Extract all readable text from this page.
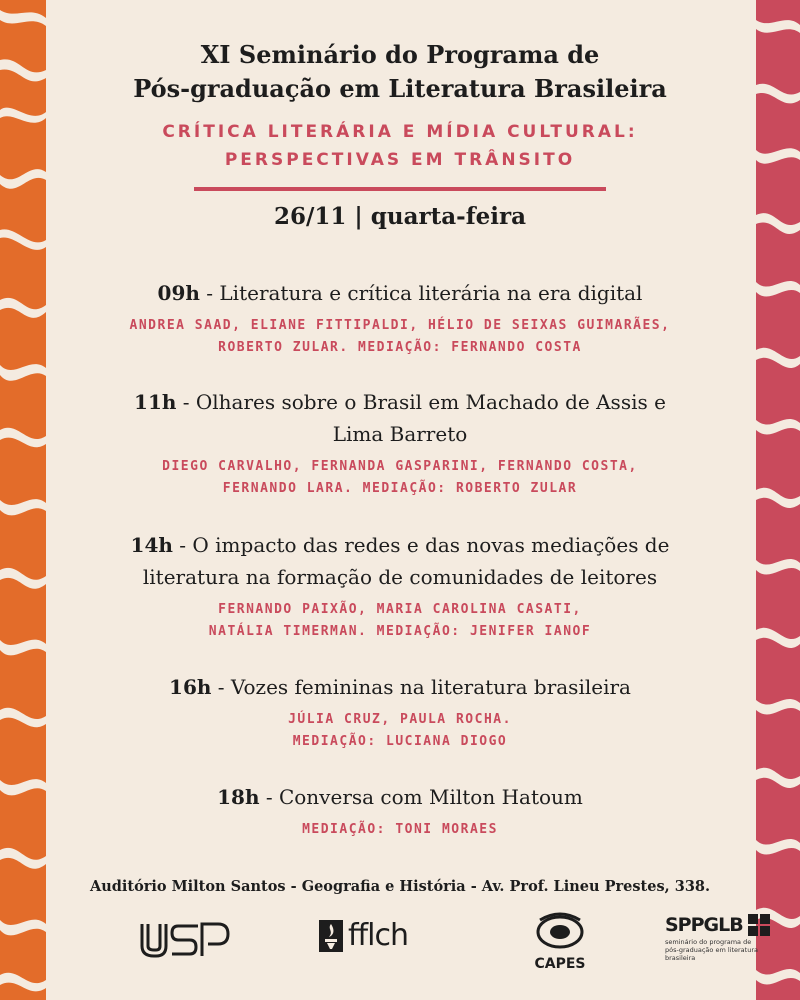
XI Seminário do Programa de
Pós-graduação em Literatura Brasileira
CRÍTICA LITERÁRIA E MÍDIA CULTURAL:
PERSPECTIVAS EM TRÂNSITO
26/11 | quarta-feira
09h - Literatura e crítica literária na era digital
ANDREA SAAD, ELIANE FITTIPALDI, HÉLIO DE SEIXAS GUIMARÃES,
ROBERTO ZULAR. MEDIAÇÃO: FERNANDO COSTA
11h - Olhares sobre o Brasil em Machado de Assis e
Lima Barreto
DIEGO CARVALHO, FERNANDA GASPARINI, FERNANDO COSTA,
FERNANDO LARA. MEDIAÇÃO: ROBERTO ZULAR
14h - O impacto das redes e das novas mediações de
literatura na formação de comunidades de leitores
FERNANDO PAIXÃO, MARIA CAROLINA CASATI,
NATÁLIA TIMERMAN. MEDIAÇÃO: JENIFER IANOF
16h - Vozes femininas na literatura brasileira
JÚLIA CRUZ, PAULA ROCHA.
MEDIAÇÃO: LUCIANA DIOGO
18h - Conversa com Milton Hatoum
MEDIAÇÃO: TONI MORAES
Auditório Milton Santos - Geografia e História - Av. Prof. Lineu Prestes, 338.
fflch
CAPES
SPPGLB
seminário do programa de
pós-graduação em literatura brasileira
